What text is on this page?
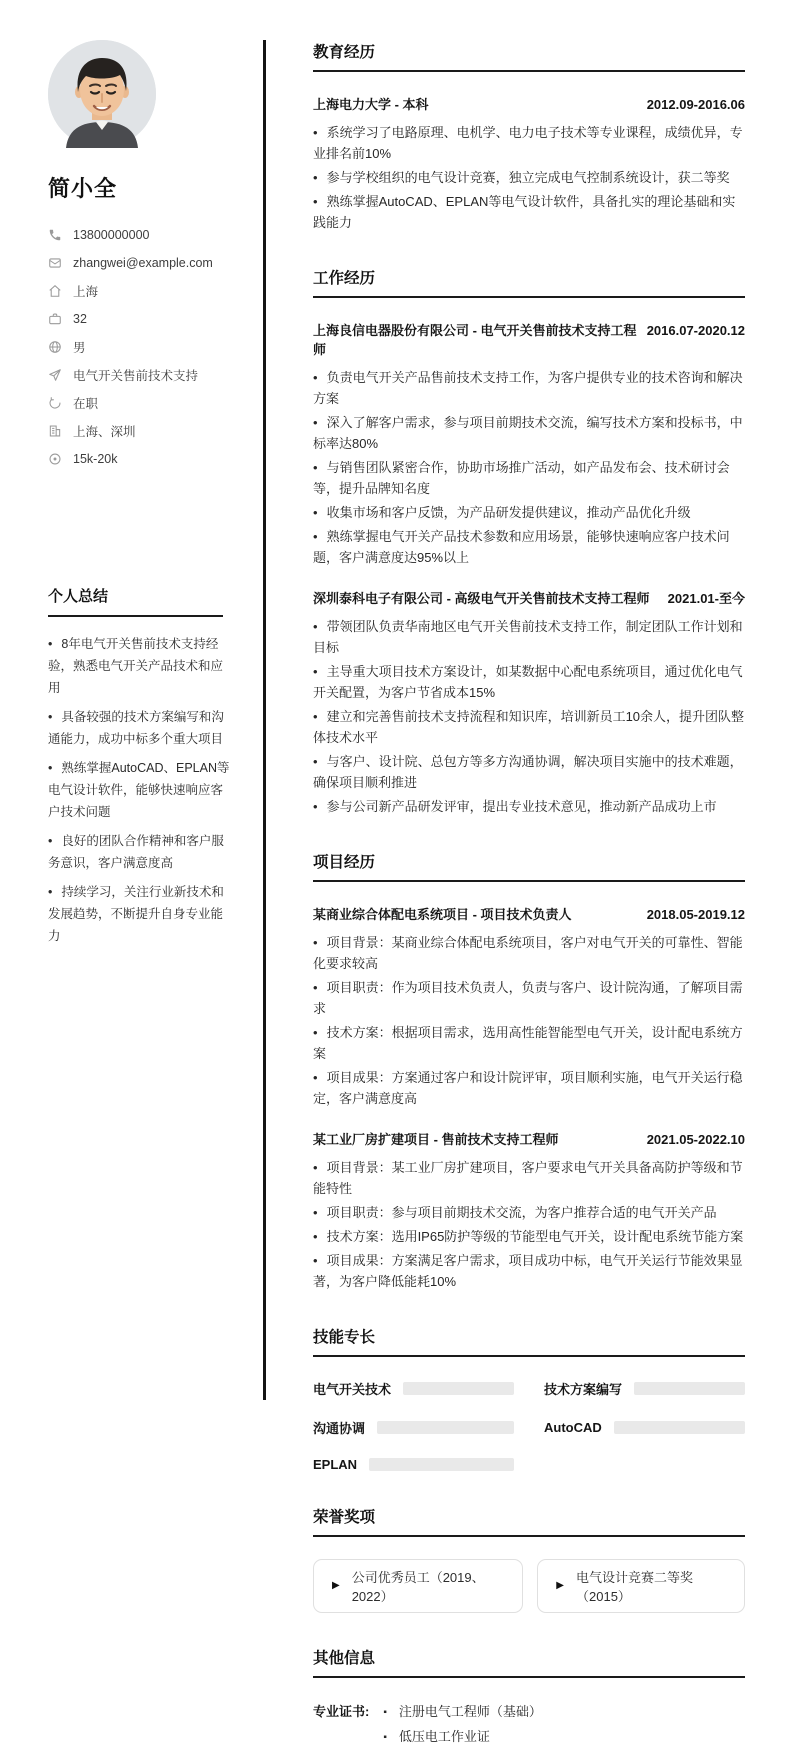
简小全
13800000000
zhangwei@example.com
上海
32
男
电气开关售前技术支持
在职
上海、深圳
15k-20k
个人总结
• 8年电气开关售前技术支持经验，熟悉电气开关产品技术和应用
• 具备较强的技术方案编写和沟通能力，成功中标多个重大项目
• 熟练掌握AutoCAD、EPLAN等电气设计软件，能够快速响应客户技术问题
• 良好的团队合作精神和客户服务意识，客户满意度高
• 持续学习，关注行业新技术和发展趋势，不断提升自身专业能力
教育经历
上海电力大学 - 本科	2012.09-2016.06
• 系统学习了电路原理、电机学、电力电子技术等专业课程，成绩优异，专业排名前10%
• 参与学校组织的电气设计竞赛，独立完成电气控制系统设计，获二等奖
• 熟练掌握AutoCAD、EPLAN等电气设计软件，具备扎实的理论基础和实践能力
工作经历
上海良信电器股份有限公司 - 电气开关售前技术支持工程师
2016.07-2020.12
• 负责电气开关产品售前技术支持工作，为客户提供专业的技术咨询和解决方案
• 深入了解客户需求，参与项目前期技术交流，编写技术方案和投标书，中标率达80%
• 与销售团队紧密合作，协助市场推广活动，如产品发布会、技术研讨会等，提升品牌知名度
• 收集市场和客户反馈，为产品研发提供建议，推动产品优化升级
• 熟练掌握电气开关产品技术参数和应用场景，能够快速响应客户技术问题，客户满意度达95%以上
深圳泰科电子有限公司 - 高级电气开关售前技术支持工程师 2021.01-至今
• 带领团队负责华南地区电气开关售前技术支持工作，制定团队工作计划和目标
• 主导重大项目技术方案设计，如某数据中心配电系统项目，通过优化电气开关配置，为客户节省成本15%
• 建立和完善售前技术支持流程和知识库，培训新员工10余人，提升团队整体技术水平
• 与客户、设计院、总包方等多方沟通协调，解决项目实施中的技术难题，确保项目顺利推进
• 参与公司新产品研发评审，提出专业技术意见，推动新产品成功上市
项目经历
某商业综合体配电系统项目 - 项目技术负责人	2018.05-2019.12
• 项目背景：某商业综合体配电系统项目，客户对电气开关的可靠性、智能化要求较高
• 项目职责：作为项目技术负责人，负责与客户、设计院沟通，了解项目需求
• 技术方案：根据项目需求，选用高性能智能型电气开关，设计配电系统方案
• 项目成果：方案通过客户和设计院评审，项目顺利实施，电气开关运行稳定，客户满意度高
某工业厂房扩建项目 - 售前技术支持工程师	2021.05-2022.10
• 项目背景：某工业厂房扩建项目，客户要求电气开关具备高防护等级和节能特性
• 项目职责：参与项目前期技术交流，为客户推荐合适的电气开关产品
• 技术方案：选用IP65防护等级的节能型电气开关，设计配电系统节能方案
• 项目成果：方案满足客户需求，项目成功中标，电气开关运行节能效果显著，为客户降低能耗10%
技能专长
电气开关技术	技术方案编写
沟通协调	AutoCAD
EPLAN
荣誉奖项
▶
公司优秀员工（2019、2022）
▶
电气设计竞赛二等奖（2015）
其他信息
专业证书: ▪ 注册电气工程师（基础）
▪ 低压电工作业证
